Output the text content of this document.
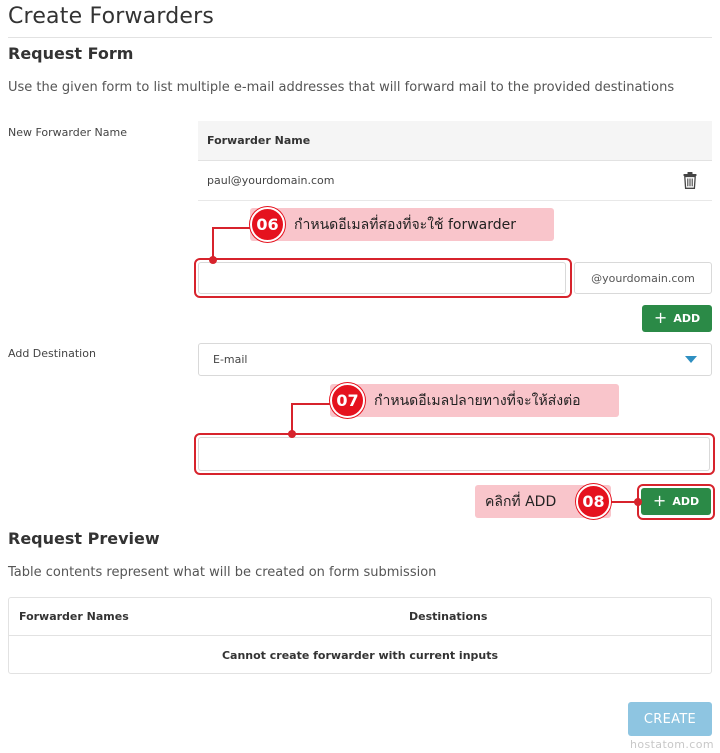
Create Forwarders
Request Form
Use the given form to list multiple e-mail addresses that will forward mail to the provided destinations
New Forwarder Name
Forwarder Name
paul@yourdomain.com
@yourdomain.com
+ ADD
Add Destination	E-mail
+ ADD
06	กำหนดอีเมลที่สองที่จะใช้ forwarder
07	กำหนดอีเมลปลายทางที่จะให้ส่งต่อ
คลิกที่ ADD	08
Request Preview
Table contents represent what will be created on form submission
Forwarder Names	Destinations
Cannot create forwarder with current inputs
CREATE
hostatom.com
